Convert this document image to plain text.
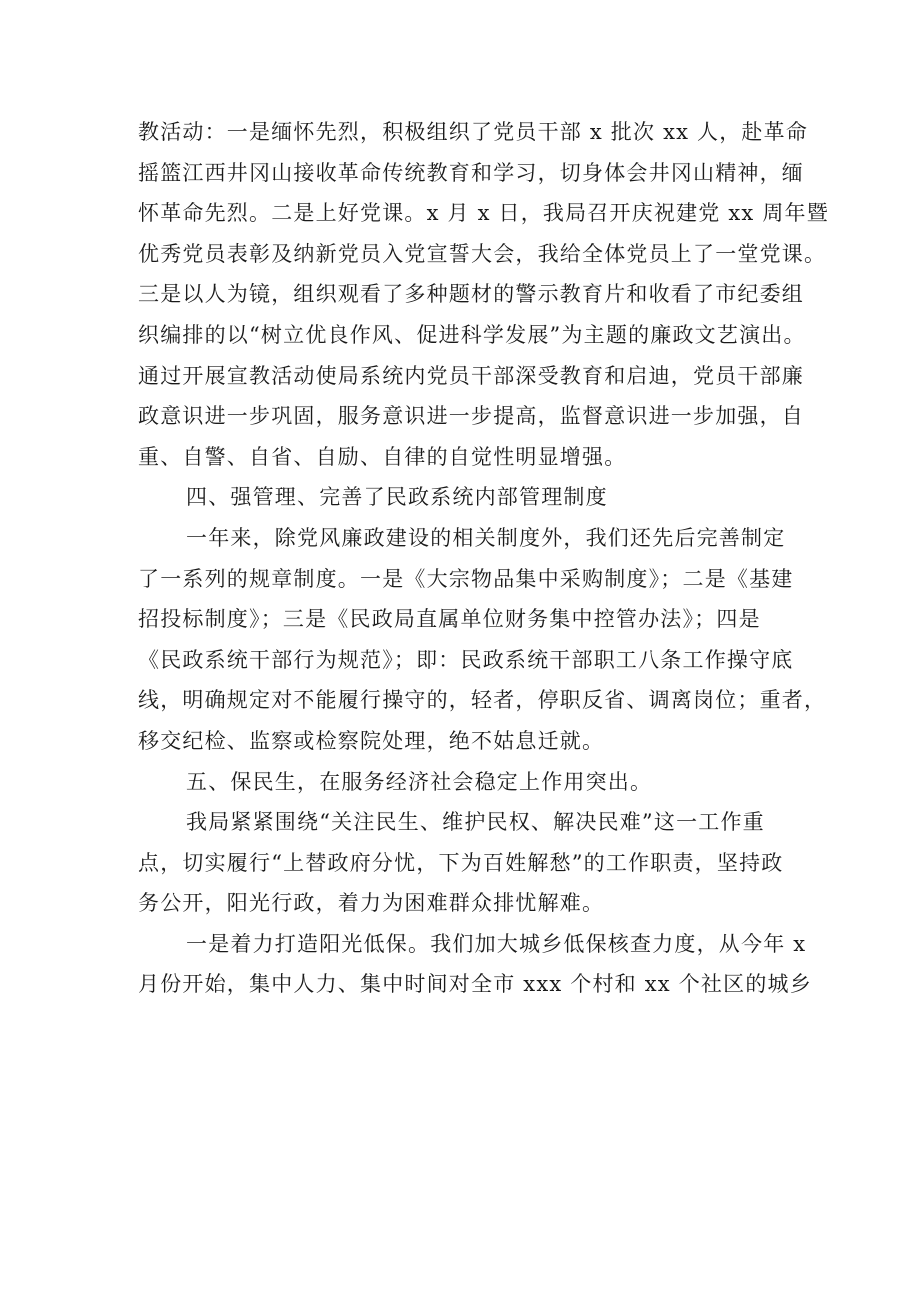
教活动：一是缅怀先烈，积极组织了党员干部 x 批次 xx 人，赴革命
摇篮江西井冈山接收革命传统教育和学习，切身体会井冈山精神，缅
怀革命先烈。二是上好党课。x 月 x 日，我局召开庆祝建党 xx 周年暨
优秀党员表彰及纳新党员入党宣誓大会，我给全体党员上了一堂党课。
三是以人为镜，组织观看了多种题材的警示教育片和收看了市纪委组
织编排的以“树立优良作风、促进科学发展”为主题的廉政文艺演出。
通过开展宣教活动使局系统内党员干部深受教育和启迪，党员干部廉
政意识进一步巩固，服务意识进一步提高，监督意识进一步加强，自
重、自警、自省、自励、自律的自觉性明显增强。
四、强管理、完善了民政系统内部管理制度
一年来，除党风廉政建设的相关制度外，我们还先后完善制定
了一系列的规章制度。一是《大宗物品集中采购制度》；二是《基建
招投标制度》；三是《民政局直属单位财务集中控管办法》；四是
《民政系统干部行为规范》；即：民政系统干部职工八条工作操守底
线，明确规定对不能履行操守的，轻者，停职反省、调离岗位；重者，
移交纪检、监察或检察院处理，绝不姑息迁就。
五、保民生，在服务经济社会稳定上作用突出。
我局紧紧围绕“关注民生、维护民权、解决民难”这一工作重
点，切实履行“上替政府分忧，下为百姓解愁”的工作职责，坚持政
务公开，阳光行政，着力为困难群众排忧解难。
一是着力打造阳光低保。我们加大城乡低保核查力度，从今年 x
月份开始，集中人力、集中时间对全市 xxx 个村和 xx 个社区的城乡
